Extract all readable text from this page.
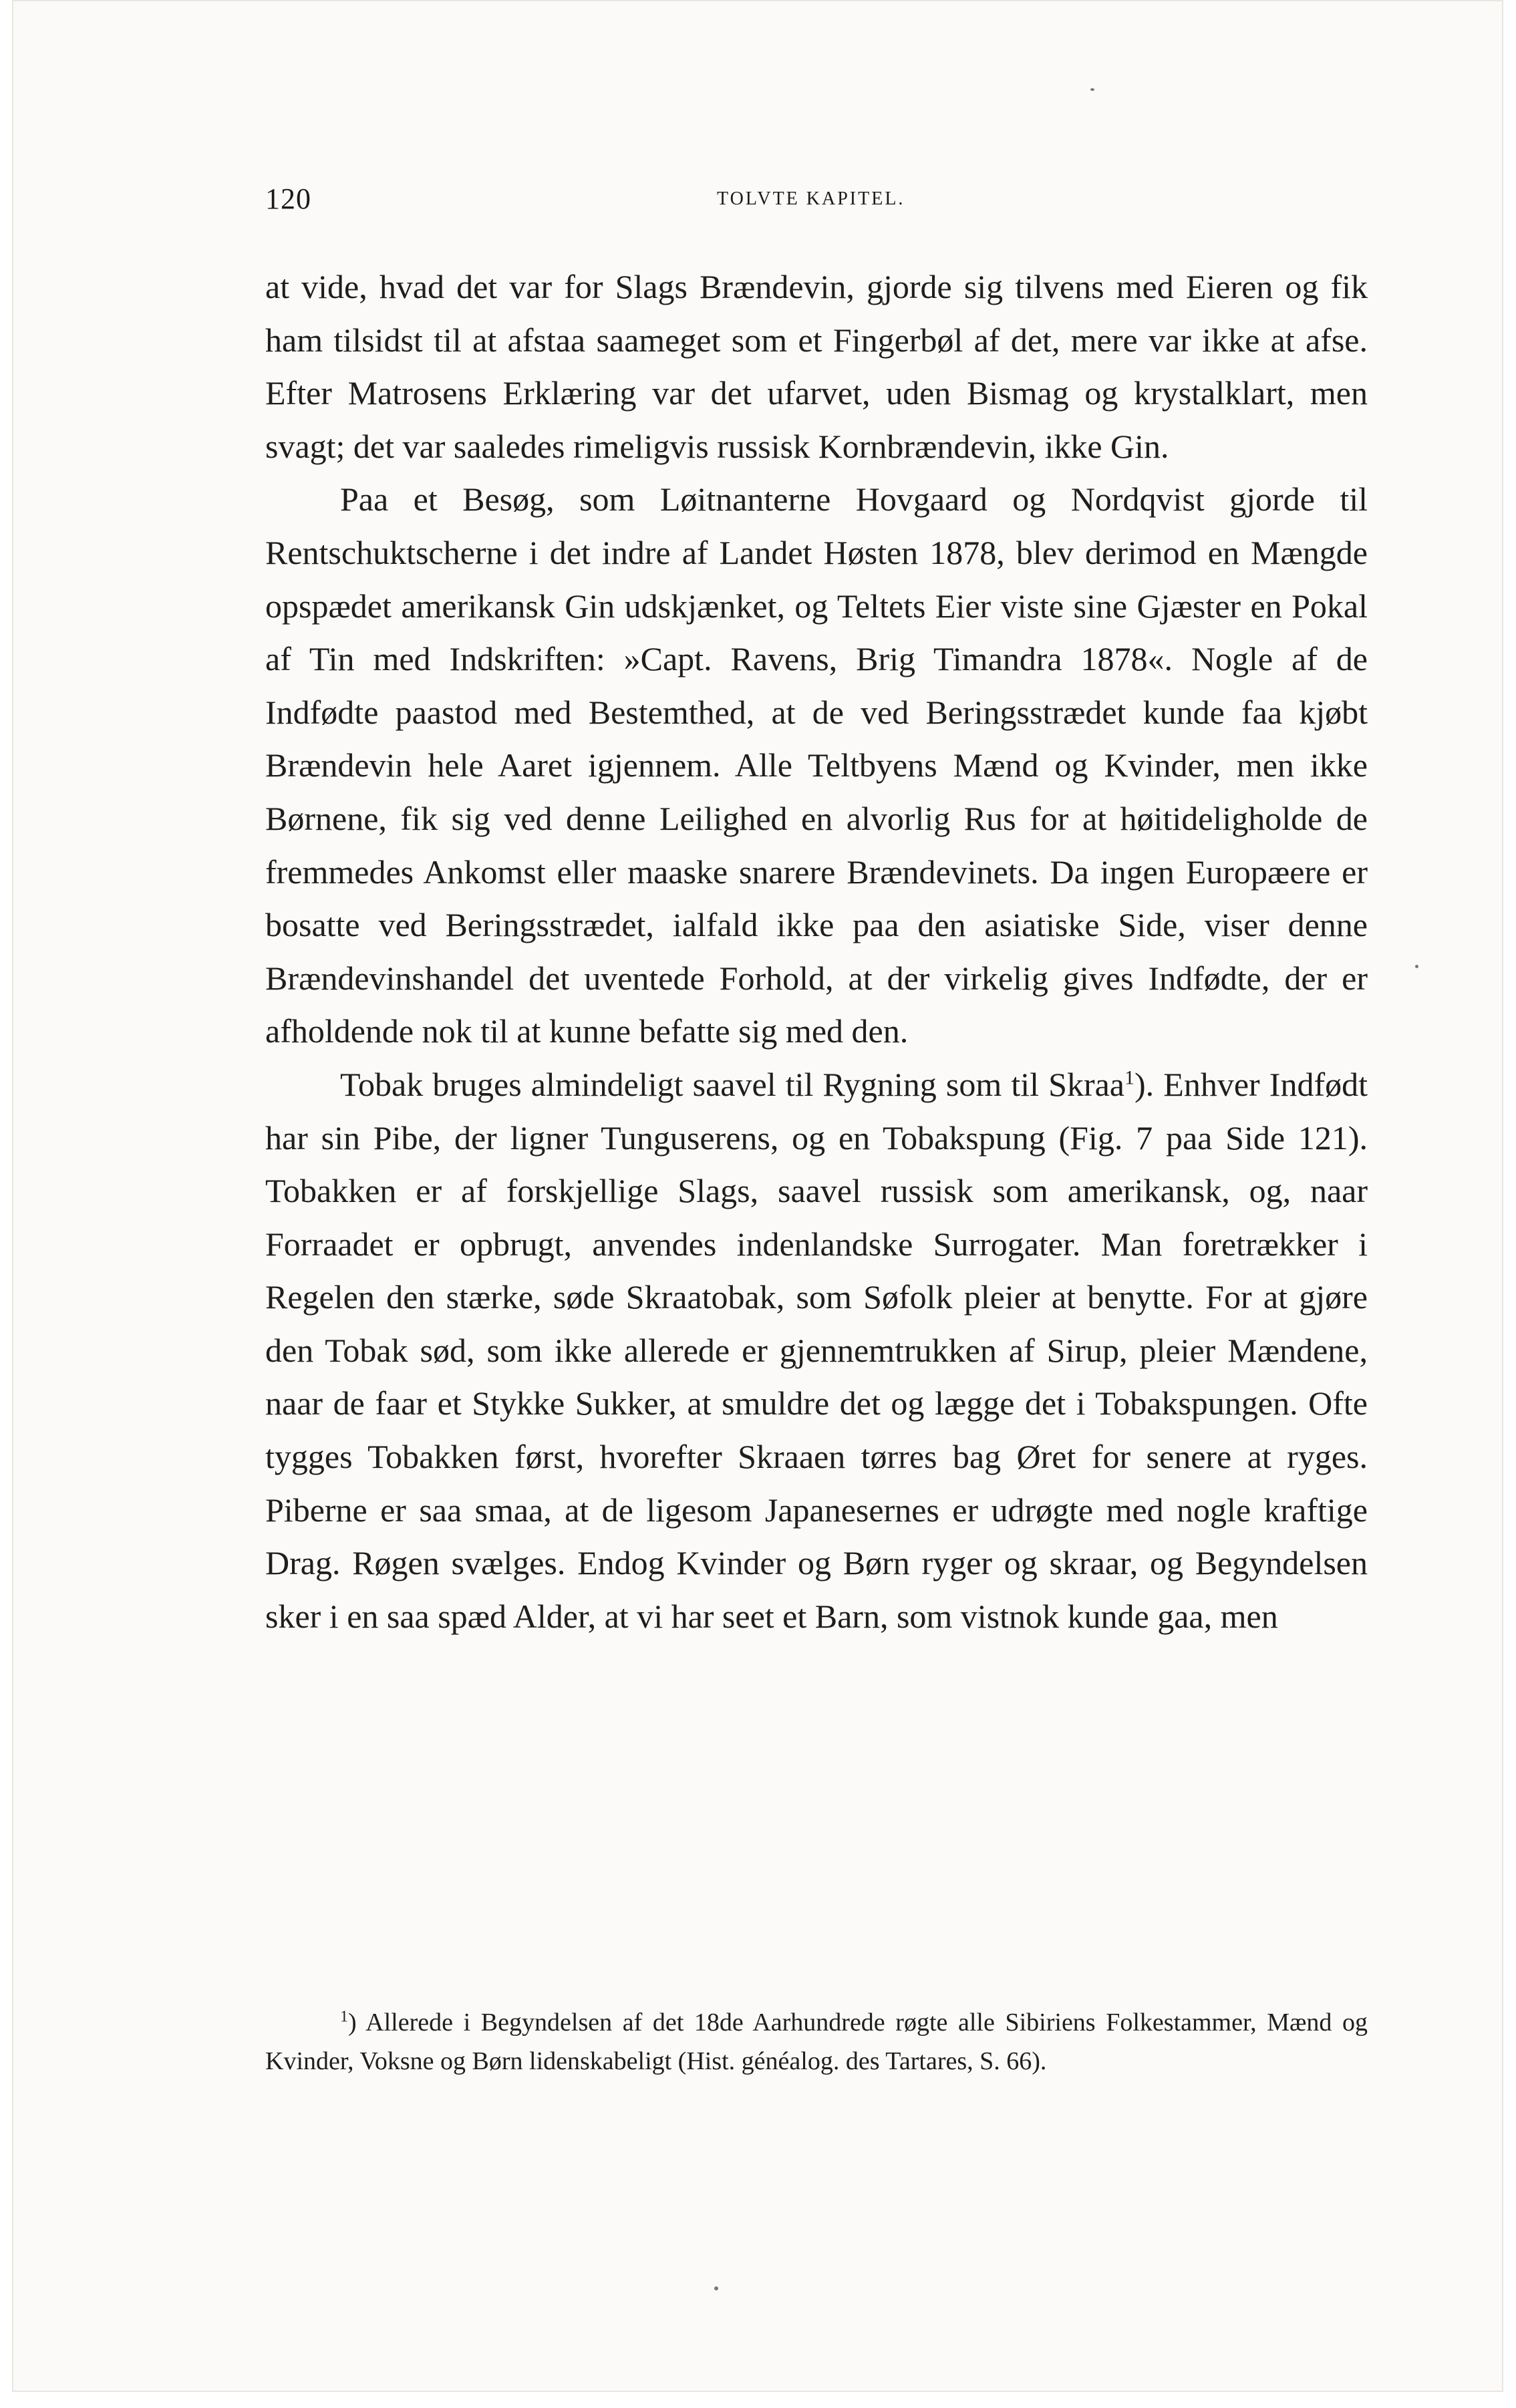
120	TOLVTE KAPITEL.

at vide, hvad det var for Slags Brændevin, gjorde sig tilvens med Eieren og fik ham tilsidst til at afstaa saameget som et Fingerbøl af det, mere var ikke at afse. Efter Matrosens Erklæring var det ufarvet, uden Bismag og krystalklart, men svagt; det var saaledes rimeligvis russisk Kornbrændevin, ikke Gin.

Paa et Besøg, som Løitnanterne Hovgaard og Nordqvist gjorde til Rentschuktscherne i det indre af Landet Høsten 1878, blev derimod en Mængde opspædet amerikansk Gin udskjænket, og Teltets Eier viste sine Gjæster en Pokal af Tin med Indskriften: »Capt. Ravens, Brig Timandra 1878«. Nogle af de Indfødte paastod med Bestemthed, at de ved Beringsstrædet kunde faa kjøbt Brændevin hele Aaret igjennem. Alle Teltbyens Mænd og Kvinder, men ikke Børnene, fik sig ved denne Leilighed en alvorlig Rus for at høitideligholde de fremmedes Ankomst eller maaske snarere Brændevinets. Da ingen Europæere er bosatte ved Beringsstrædet, ialfald ikke paa den asiatiske Side, viser denne Brændevinshandel det uventede Forhold, at der virkelig gives Indfødte, der er afholdende nok til at kunne befatte sig med den.

Tobak bruges almindeligt saavel til Rygning som til Skraa$^1$). Enhver Indfødt har sin Pibe, der ligner Tunguserens, og en Tobakspung (Fig. 7 paa Side 121). Tobakken er af forskjellige Slags, saavel russisk som amerikansk, og, naar Forraadet er opbrugt, anvendes indenlandske Surrogater. Man foretrækker i Regelen den stærke, søde Skraatobak, som Søfolk pleier at benytte. For at gjøre den Tobak sød, som ikke allerede er gjennemtrukken af Sirup, pleier Mændene, naar de faar et Stykke Sukker, at smuldre det og lægge det i Tobakspungen. Ofte tygges Tobakken først, hvorefter Skraaen tørres bag Øret for senere at ryges. Piberne er saa smaa, at de ligesom Japanesernes er udrøgte med nogle kraftige Drag. Røgen svælges. Endog Kvinder og Børn ryger og skraar, og Begyndelsen sker i en saa spæd Alder, at vi har seet et Barn, som vistnok kunde gaa, men

$^1$) Allerede i Begyndelsen af det 18de Aarhundrede røgte alle Sibiriens Folkestammer, Mænd og Kvinder, Voksne og Børn lidenskabeligt (Hist. généalog. des Tartares, S. 66).
